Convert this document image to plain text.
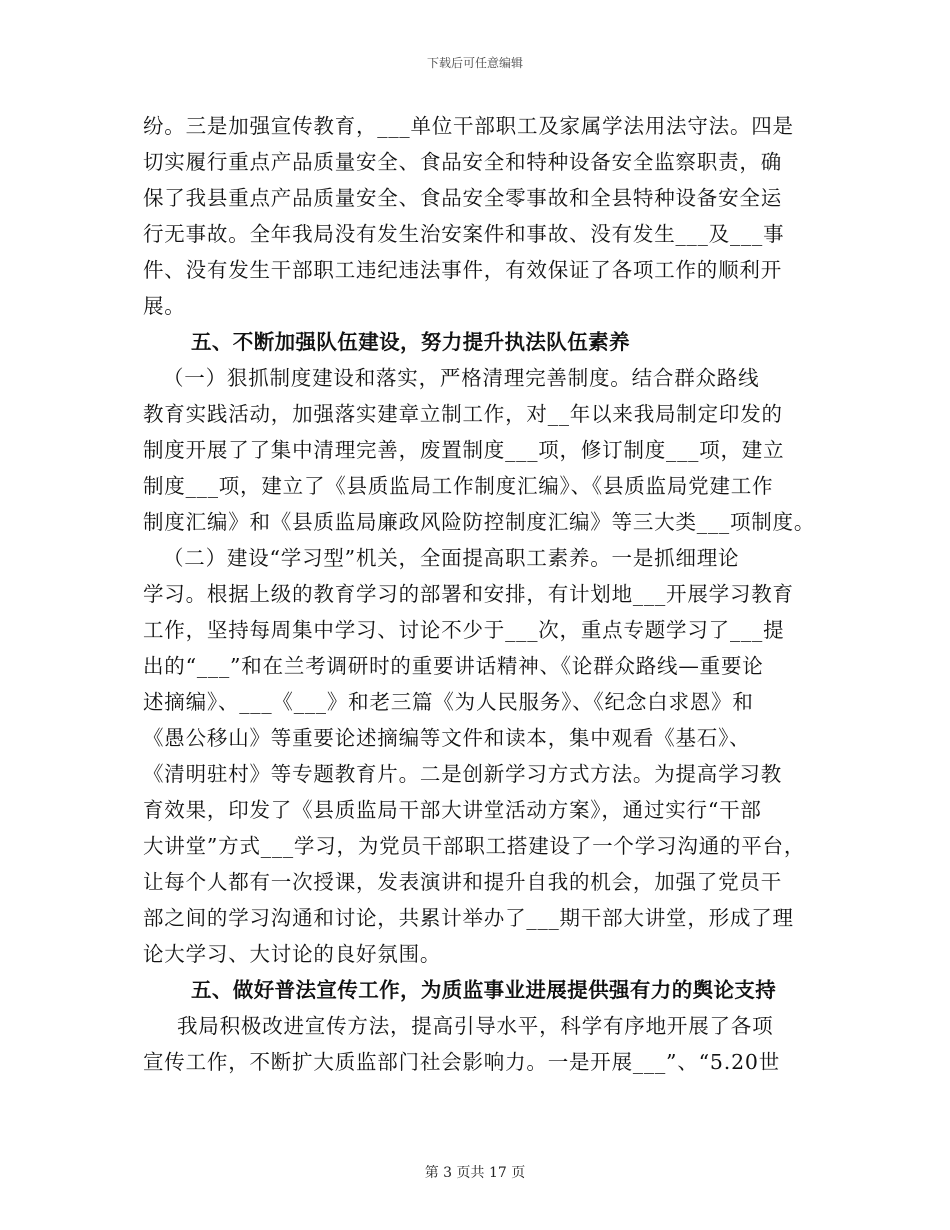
下载后可任意编辑
纷。三是加强宣传教育，___单位干部职工及家属学法用法守法。四是
切实履行重点产品质量安全、食品安全和特种设备安全监察职责，确
保了我县重点产品质量安全、食品安全零事故和全县特种设备安全运
行无事故。全年我局没有发生治安案件和事故、没有发生___及___事
件、没有发生干部职工违纪违法事件，有效保证了各项工作的顺利开
展。
五、不断加强队伍建设，努力提升执法队伍素养
（一）狠抓制度建设和落实，严格清理完善制度。结合群众路线
教育实践活动，加强落实建章立制工作，对__年以来我局制定印发的
制度开展了了集中清理完善，废置制度___项，修订制度___项，建立
制度___项，建立了《县质监局工作制度汇编》、《县质监局党建工作
制度汇编》和《县质监局廉政风险防控制度汇编》等三大类___项制度。
（二）建设“学习型”机关，全面提高职工素养。一是抓细理论
学习。根据上级的教育学习的部署和安排，有计划地___开展学习教育
工作，坚持每周集中学习、讨论不少于___次，重点专题学习了___提
出的“___”和在兰考调研时的重要讲话精神、《论群众路线—重要论
述摘编》、___《___》和老三篇《为人民服务》、《纪念白求恩》和
《愚公移山》等重要论述摘编等文件和读本，集中观看《基石》、
《清明驻村》等专题教育片。二是创新学习方式方法。为提高学习教
育效果，印发了《县质监局干部大讲堂活动方案》，通过实行“干部
大讲堂”方式___学习，为党员干部职工搭建设了一个学习沟通的平台，
让每个人都有一次授课，发表演讲和提升自我的机会，加强了党员干
部之间的学习沟通和讨论，共累计举办了___期干部大讲堂，形成了理
论大学习、大讨论的良好氛围。
五、做好普法宣传工作，为质监事业进展提供强有力的舆论支持
我局积极改进宣传方法，提高引导水平，科学有序地开展了各项
宣传工作，不断扩大质监部门社会影响力。一是开展___”、“5.20世
第 3 页共 17 页
